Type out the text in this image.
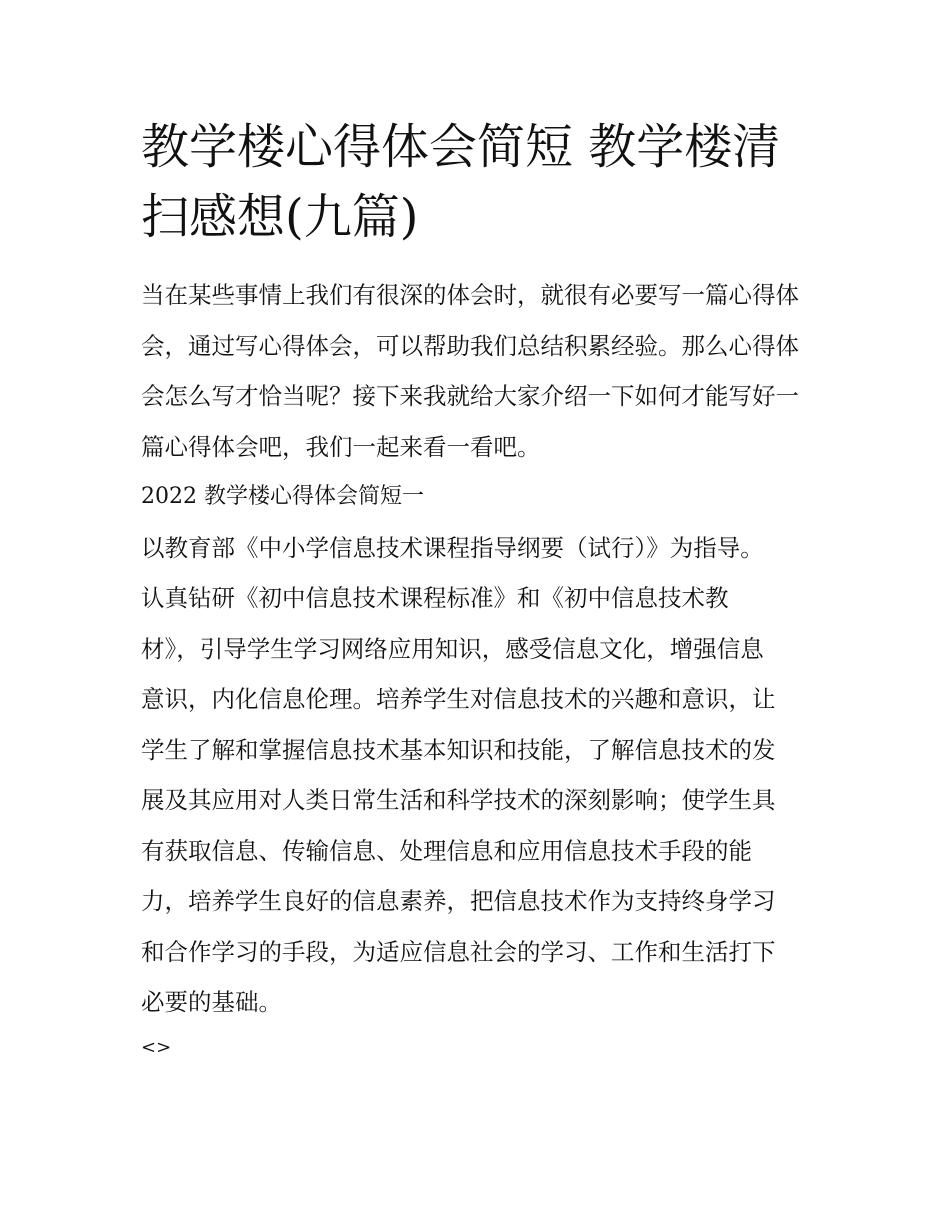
教学楼心得体会简短 教学楼清扫感想(九篇)

当在某些事情上我们有很深的体会时，就很有必要写一篇心得体会，通过写心得体会，可以帮助我们总结积累经验。那么心得体会怎么写才恰当呢？接下来我就给大家介绍一下如何才能写好一篇心得体会吧，我们一起来看一看吧。

2022 教学楼心得体会简短一

以教育部《中小学信息技术课程指导纲要（试行）》为指导。

认真钻研《初中信息技术课程标准》和《初中信息技术教

材》，引导学生学习网络应用知识，感受信息文化，增强信息

意识，内化信息伦理。培养学生对信息技术的兴趣和意识，让

学生了解和掌握信息技术基本知识和技能，了解信息技术的发

展及其应用对人类日常生活和科学技术的深刻影响；使学生具

有获取信息、传输信息、处理信息和应用信息技术手段的能

力，培养学生良好的信息素养，把信息技术作为支持终身学习

和合作学习的手段，为适应信息社会的学习、工作和生活打下

必要的基础。

<>
